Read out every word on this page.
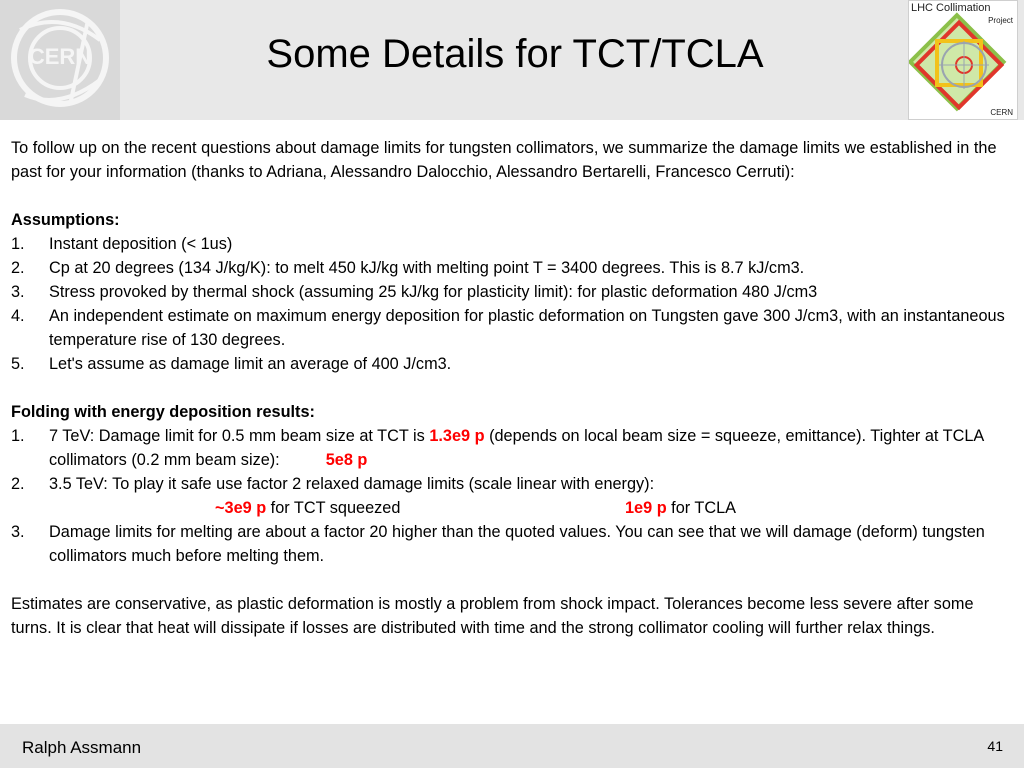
CERN	Some Details for TCT/TCLA
LHC Collimation
Project
CERN

To follow up on the recent questions about damage limits for tungsten collimators, we summarize the damage limits we established in the past for your information (thanks to Adriana, Alessandro Dalocchio, Alessandro Bertarelli, Francesco Cerruti):

Assumptions:

1. Instant deposition (< 1us)
2. Cp at 20 degrees (134 J/kg/K): to melt 450 kJ/kg with melting point T = 3400 degrees. This is 8.7 kJ/cm3.
3. Stress provoked by thermal shock (assuming 25 kJ/kg for plasticity limit): for plastic deformation 480 J/cm3
4. An independent estimate on maximum energy deposition for plastic deformation on Tungsten gave 300 J/cm3, with an instantaneous temperature rise of 130 degrees.
5. Let's assume as damage limit an average of 400 J/cm3.

Folding with energy deposition results:

1. 7 TeV: Damage limit for 0.5 mm beam size at TCT is 1.3e9 p (depends on local beam size = squeeze, emittance). Tighter at TCLA collimators (0.2 mm beam size):	5e8 p
2. 3.5 TeV: To play it safe use factor 2 relaxed damage limits (scale linear with energy):
~3e9 p for TCT squeezed	1e9 p for TCLA
3. Damage limits for melting are about a factor 20 higher than the quoted values. You can see that we will damage (deform) tungsten collimators much before melting them.

Estimates are conservative, as plastic deformation is mostly a problem from shock impact. Tolerances become less severe after some turns. It is clear that heat will dissipate if losses are distributed with time and the strong collimator cooling will further relax things.

Ralph Assmann	41
